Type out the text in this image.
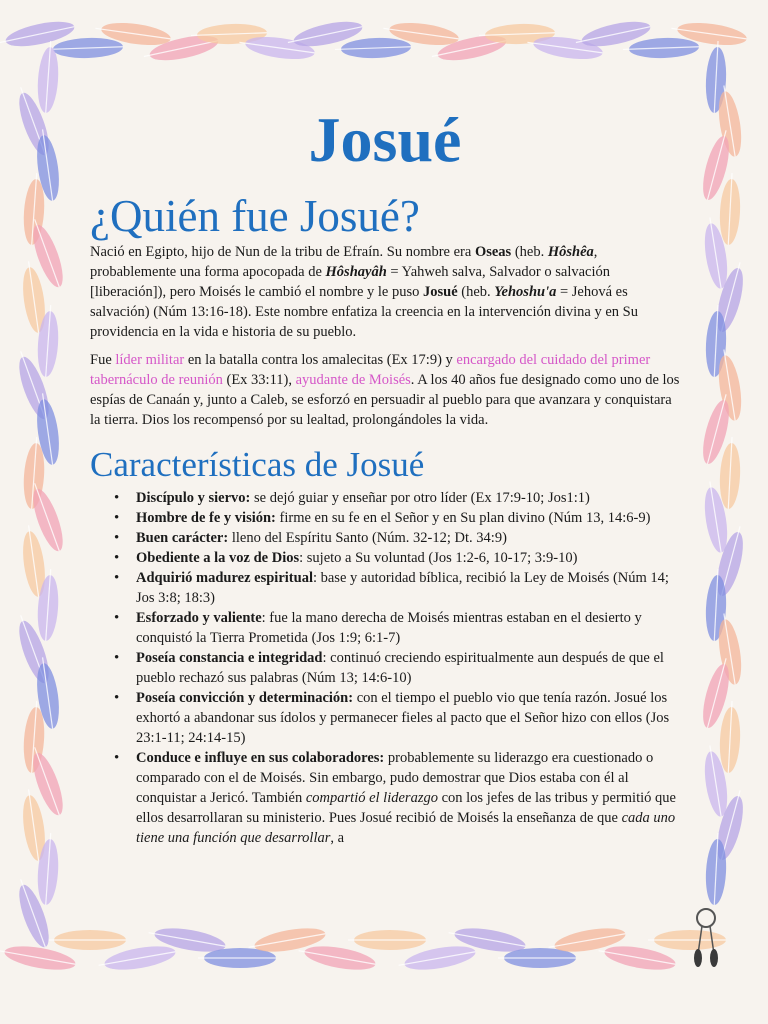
Josué
¿Quién fue Josué?

Nació en Egipto, hijo de Nun de la tribu de Efraín. Su nombre era Oseas (heb. Hôshêa, probablemente una forma apocopada de Hôshayâh = Yahweh salva, Salvador o salvación [liberación]), pero Moisés le cambió el nombre y le puso Josué (heb. Yehoshu'a = Jehová es salvación) (Núm 13:16-18). Este nombre enfatiza la creencia en la intervención divina y en Su providencia en la vida e historia de su pueblo.

Fue líder militar en la batalla contra los amalecitas (Ex 17:9) y encargado del cuidado del primer tabernáculo de reunión (Ex 33:11), ayudante de Moisés. A los 40 años fue designado como uno de los espías de Canaán y, junto a Caleb, se esforzó en persuadir al pueblo para que avanzara y conquistara la tierra. Dios los recompensó por su lealtad, prolongándoles la vida.

Características de Josué
• Discípulo y siervo: se dejó guiar y enseñar por otro líder (Ex 17:9-10; Jos1:1)
• Hombre de fe y visión: firme en su fe en el Señor y en Su plan divino (Núm 13, 14:6-9)
• Buen carácter: lleno del Espíritu Santo (Núm. 32-12; Dt. 34:9)
• Obediente a la voz de Dios: sujeto a Su voluntad (Jos 1:2-6, 10-17; 3:9-10)
• Adquirió madurez espiritual: base y autoridad bíblica, recibió la Ley de Moisés (Núm 14; Jos 3:8; 18:3)
• Esforzado y valiente: fue la mano derecha de Moisés mientras estaban en el desierto y conquistó la Tierra Prometida (Jos 1:9; 6:1-7)
• Poseía constancia e integridad: continuó creciendo espiritualmente aun después de que el pueblo rechazó sus palabras (Núm 13; 14:6-10)
• Poseía convicción y determinación: con el tiempo el pueblo vio que tenía razón. Josué los exhortó a abandonar sus ídolos y permanecer fieles al pacto que el Señor hizo con ellos (Jos 23:1-11; 24:14-15)
• Conduce e influye en sus colaboradores: probablemente su liderazgo era cuestionado o comparado con el de Moisés. Sin embargo, pudo demostrar que Dios estaba con él al conquistar a Jericó. También compartió el liderazgo con los jefes de las tribus y permitió que ellos desarrollaran su ministerio. Pues Josué recibió de Moisés la enseñanza de que cada uno tiene una función que desarrollar, a
